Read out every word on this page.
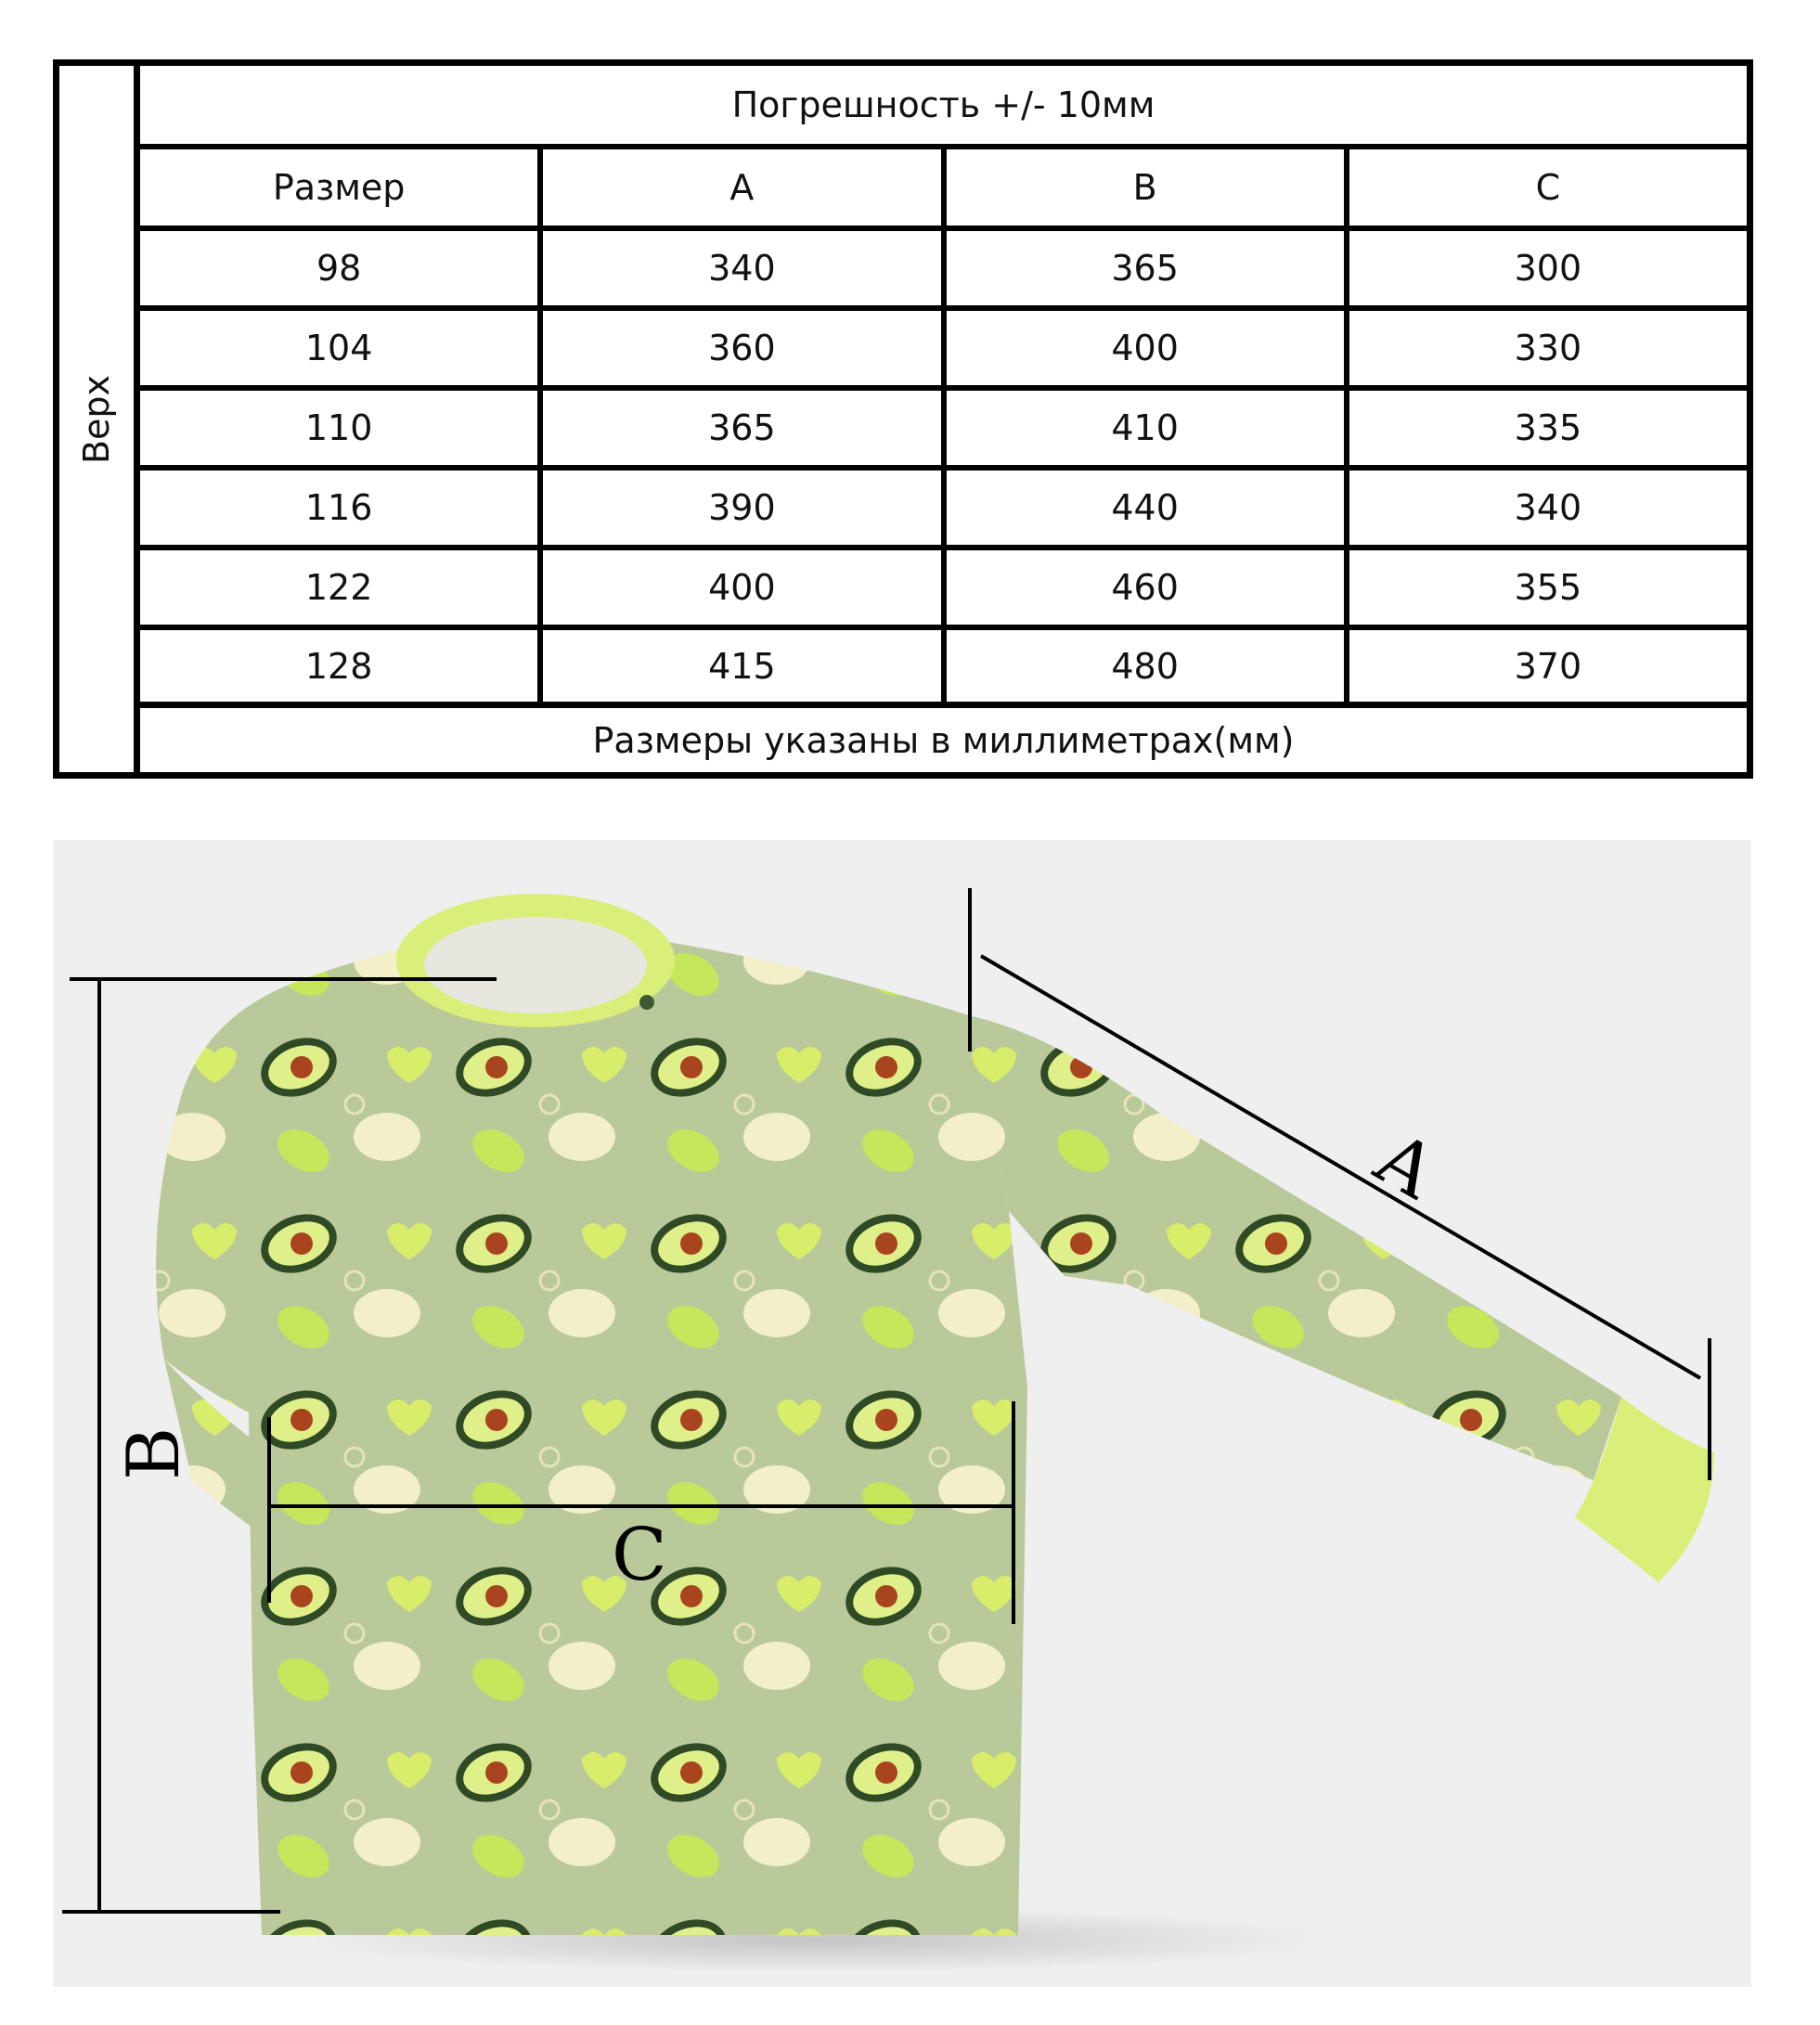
Верх
Погрешность +/- 10мм
Размер	A	B	C
98	340	365	300
104	360	400	330
110	365	410	335
116	390	440	340
122	400	460	355
128	415	480	370
Размеры указаны в миллиметрах(мм)
A
B
C
